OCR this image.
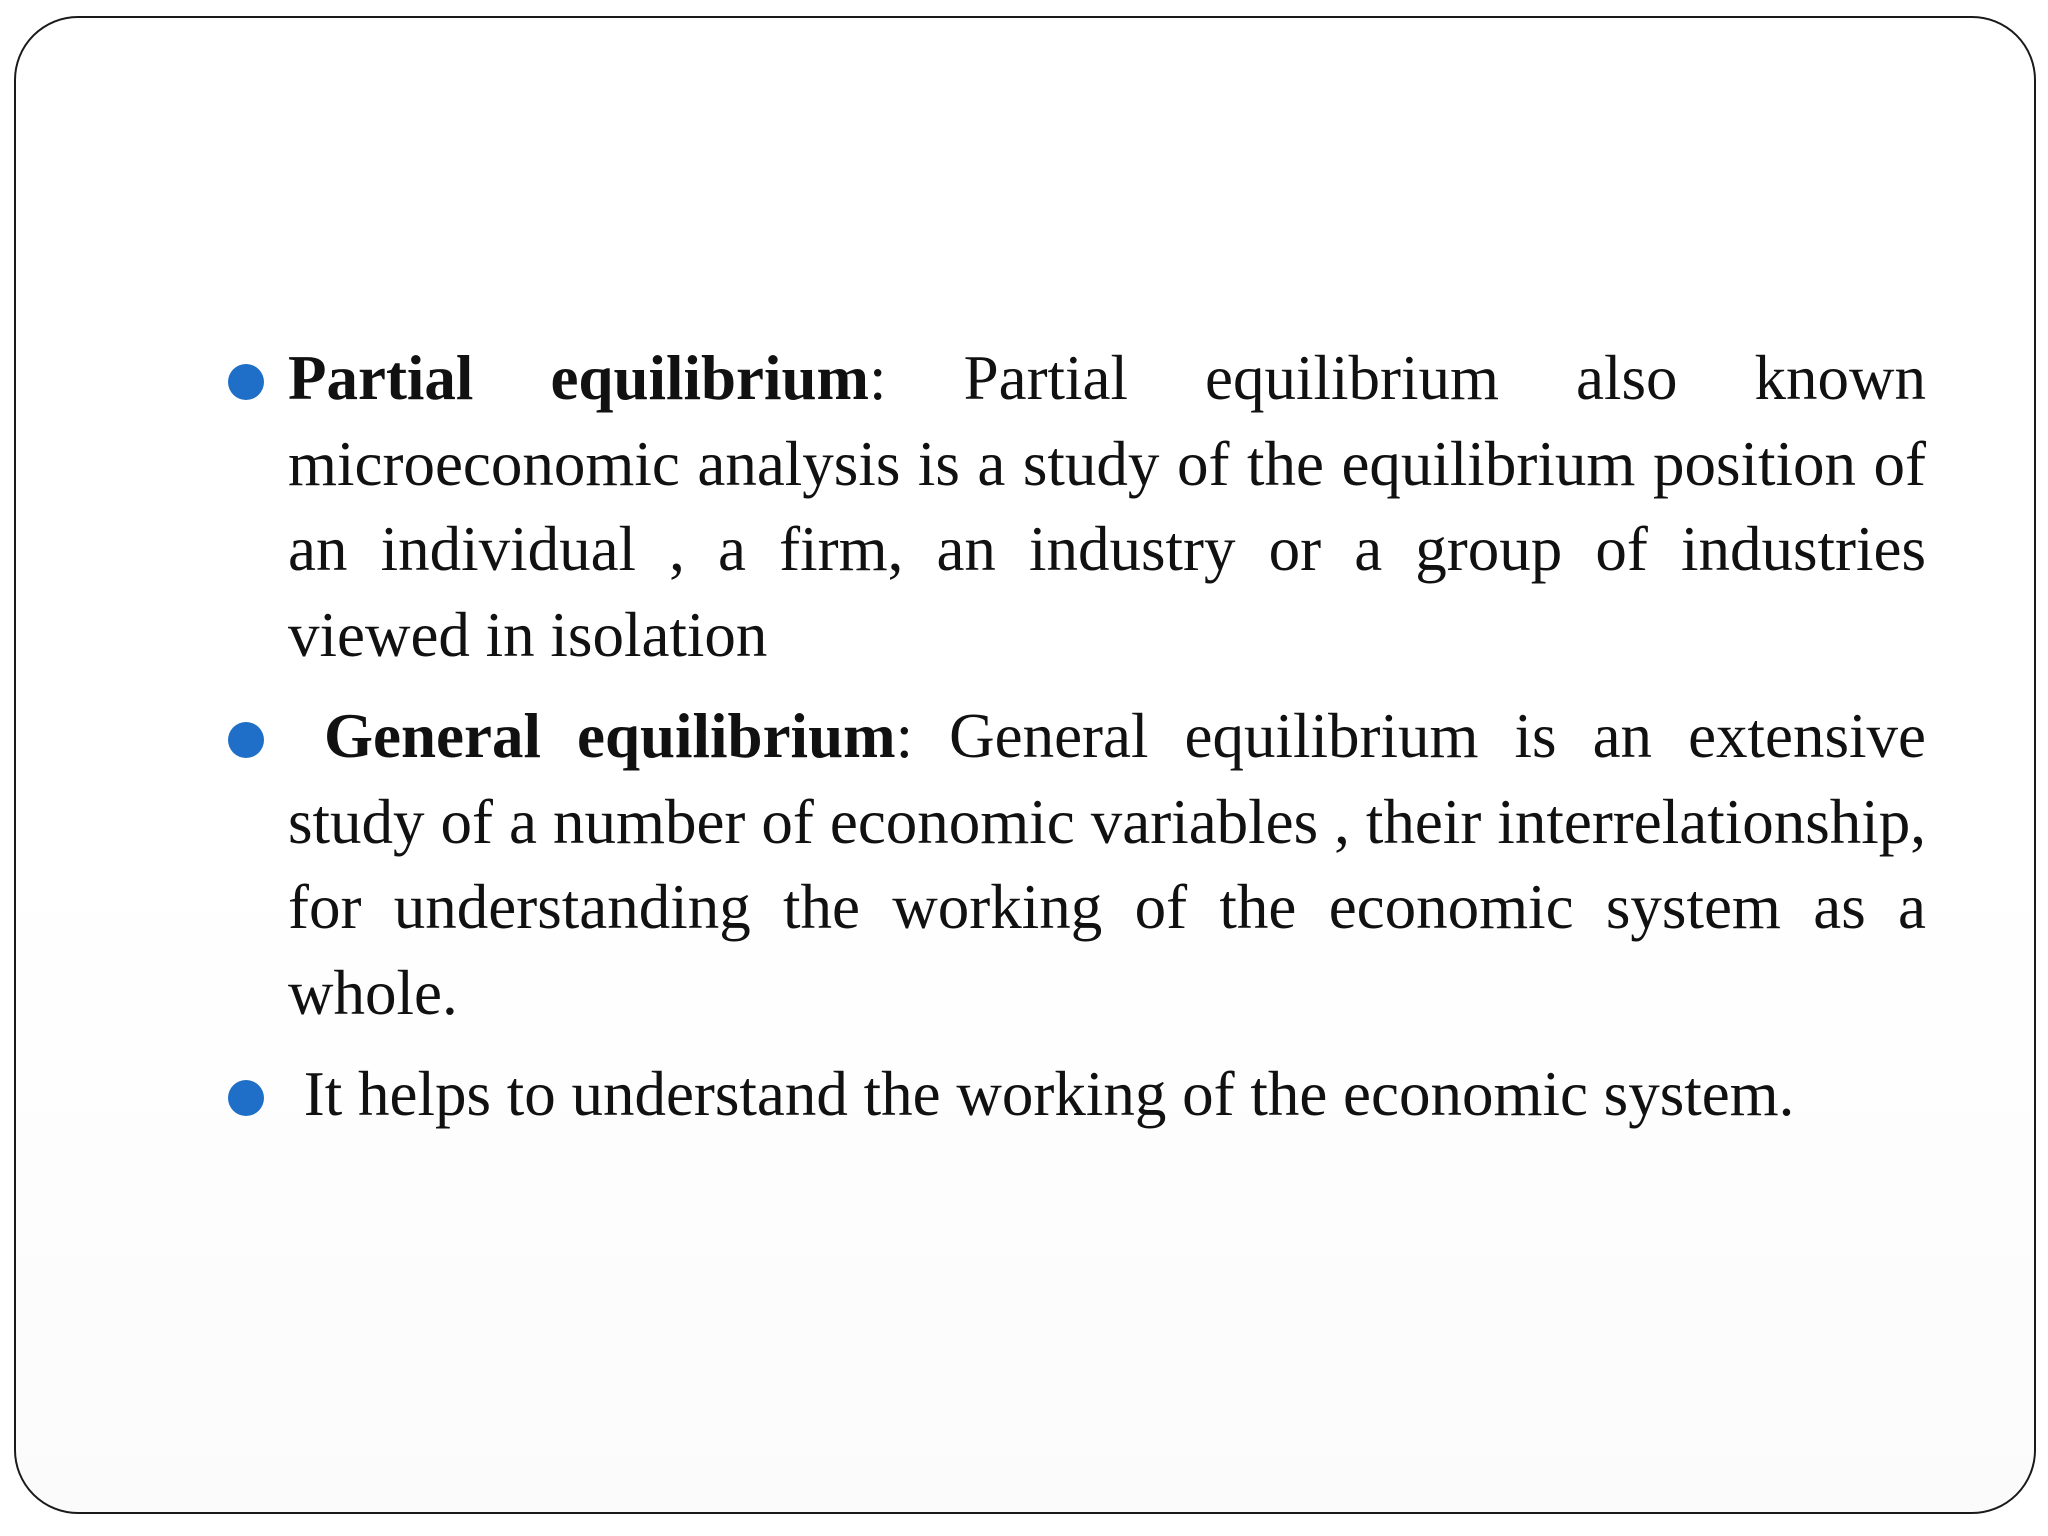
Partial equilibrium: Partial equilibrium also known microeconomic analysis is a study of the equilibrium position of an individual , a firm, an industry or a group of industries viewed in isolation
General equilibrium: General equilibrium is an extensive study of a number of economic variables , their interrelationship, for understanding the working of the economic system as a whole.
It helps to understand the working of the economic system.
